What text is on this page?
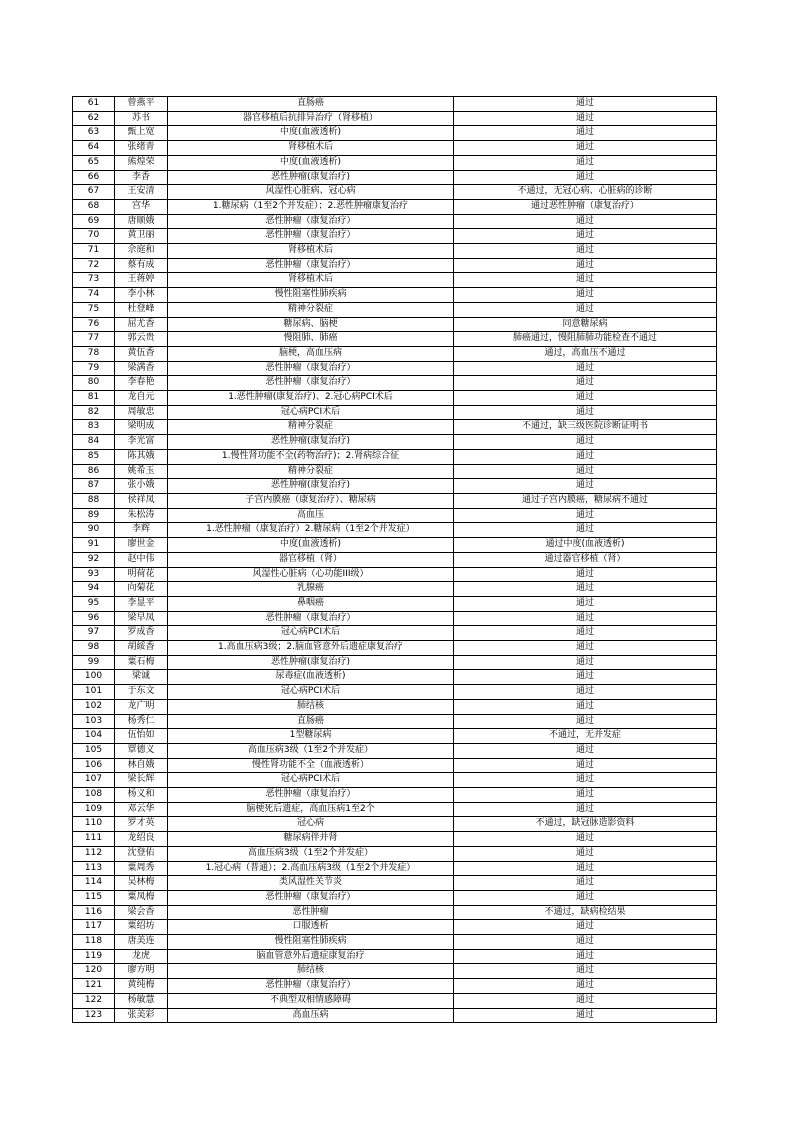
61	曾燕平	直肠癌	通过
62	苏书	器官移植后抗排异治疗（肾移植）	通过
63	甄上宽	中度(血液透析)	通过
64	张绪青	肾移植术后	通过
65	熊煌荣	中度(血液透析)	通过
66	李香	恶性肿瘤(康复治疗)	通过
67	王安清	风湿性心脏病、冠心病	不通过，无冠心病、心脏病的诊断
68	宫华	1.糖尿病（1至2个并发症）；2.恶性肿瘤康复治疗	通过恶性肿瘤（康复治疗）
69	唐顺娥	恶性肿瘤（康复治疗）	通过
70	黄卫丽	恶性肿瘤（康复治疗）	通过
71	佘庭和	肾移植术后	通过
72	蔡有成	恶性肿瘤（康复治疗）	通过
73	王蒋婷	肾移植术后	通过
74	李小林	慢性阻塞性肺疾病	通过
75	杜登峰	精神分裂症	通过
76	屈尤香	糖尿病、脑梗	同意糖尿病
77	郭云贵	慢阻肺、肺癌	肺癌通过，慢阻肺肺功能检查不通过
78	黄伍香	脑梗，高血压病	通过，高血压不通过
79	梁满香	恶性肿瘤（康复治疗）	通过
80	李春艳	恶性肿瘤（康复治疗）	通过
81	龙自元	1.恶性肿瘤(康复治疗)、2.冠心病PCI术后	通过
82	周敏忠	冠心病PCI术后	通过
83	梁明成	精神分裂症	不通过，缺三级医院诊断证明书
84	李光富	恶性肿瘤(康复治疗)	通过
85	陈其娥	1.慢性肾功能不全(药物治疗)；2.肾病综合征	通过
86	姚希玉	精神分裂症	通过
87	张小娥	恶性肿瘤(康复治疗)	通过
88	侯祥凤	子宫内膜癌（康复治疗）、糖尿病	通过子宫内膜癌，糖尿病不通过
89	朱松涛	高血压	通过
90	李辉	1.恶性肿瘤（康复治疗）2.糖尿病（1至2个并发症）	通过
91	廖世金	中度(血液透析)	通过中度(血液透析)
92	赵中伟	器官移植（肾）	通过器官移植（肾）
93	明荷花	风湿性心脏病（心功能III级）	通过
94	向菊花	乳腺癌	通过
95	李显平	鼻咽癌	通过
96	梁早凤	恶性肿瘤（康复治疗）	通过
97	罗成香	冠心病PCI术后	通过
98	胡綏香	1.高血压病3级；2.脑血管意外后遗症康复治疗	通过
99	粟石梅	恶性肿瘤(康复治疗)	通过
100	梁诚	尿毒症(血液透析)	通过
101	于东文	冠心病PCI术后	通过
102	龙广明	肺结核	通过
103	杨秀仁	直肠癌	通过
104	伍怡如	1型糖尿病	不通过，无并发症
105	覃德义	高血压病3级（1至2个并发症）	通过
106	林自娥	慢性肾功能不全（血液透析）	通过
107	梁长辉	冠心病PCI术后	通过
108	杨义和	恶性肿瘤（康复治疗）	通过
109	邓云华	脑梗死后遗症，高血压病1至2个	通过
110	罗才英	冠心病	不通过，缺冠脉造影资料
111	龙绍良	糖尿病伴并肾	通过
112	沈登佑	高血压病3级（1至2个并发症）	通过
113	粟周秀	1.冠心病（普通）；2.高血压病3级（1至2个并发症）	通过
114	吴林梅	类风湿性关节炎	通过
115	粟凤梅	恶性肿瘤（康复治疗）	通过
116	梁会香	恶性肿瘤	不通过，缺病检结果
117	粟绍坊	口服透析	通过
118	唐美连	慢性阻塞性肺疾病	通过
119	龙虎	脑血管意外后遗症康复治疗	通过
120	廖方明	肺结核	通过
121	黄纯梅	恶性肿瘤（康复治疗）	通过
122	杨敏慧	不典型双相情感障碍	通过
123	张美彩	高血压病	通过
